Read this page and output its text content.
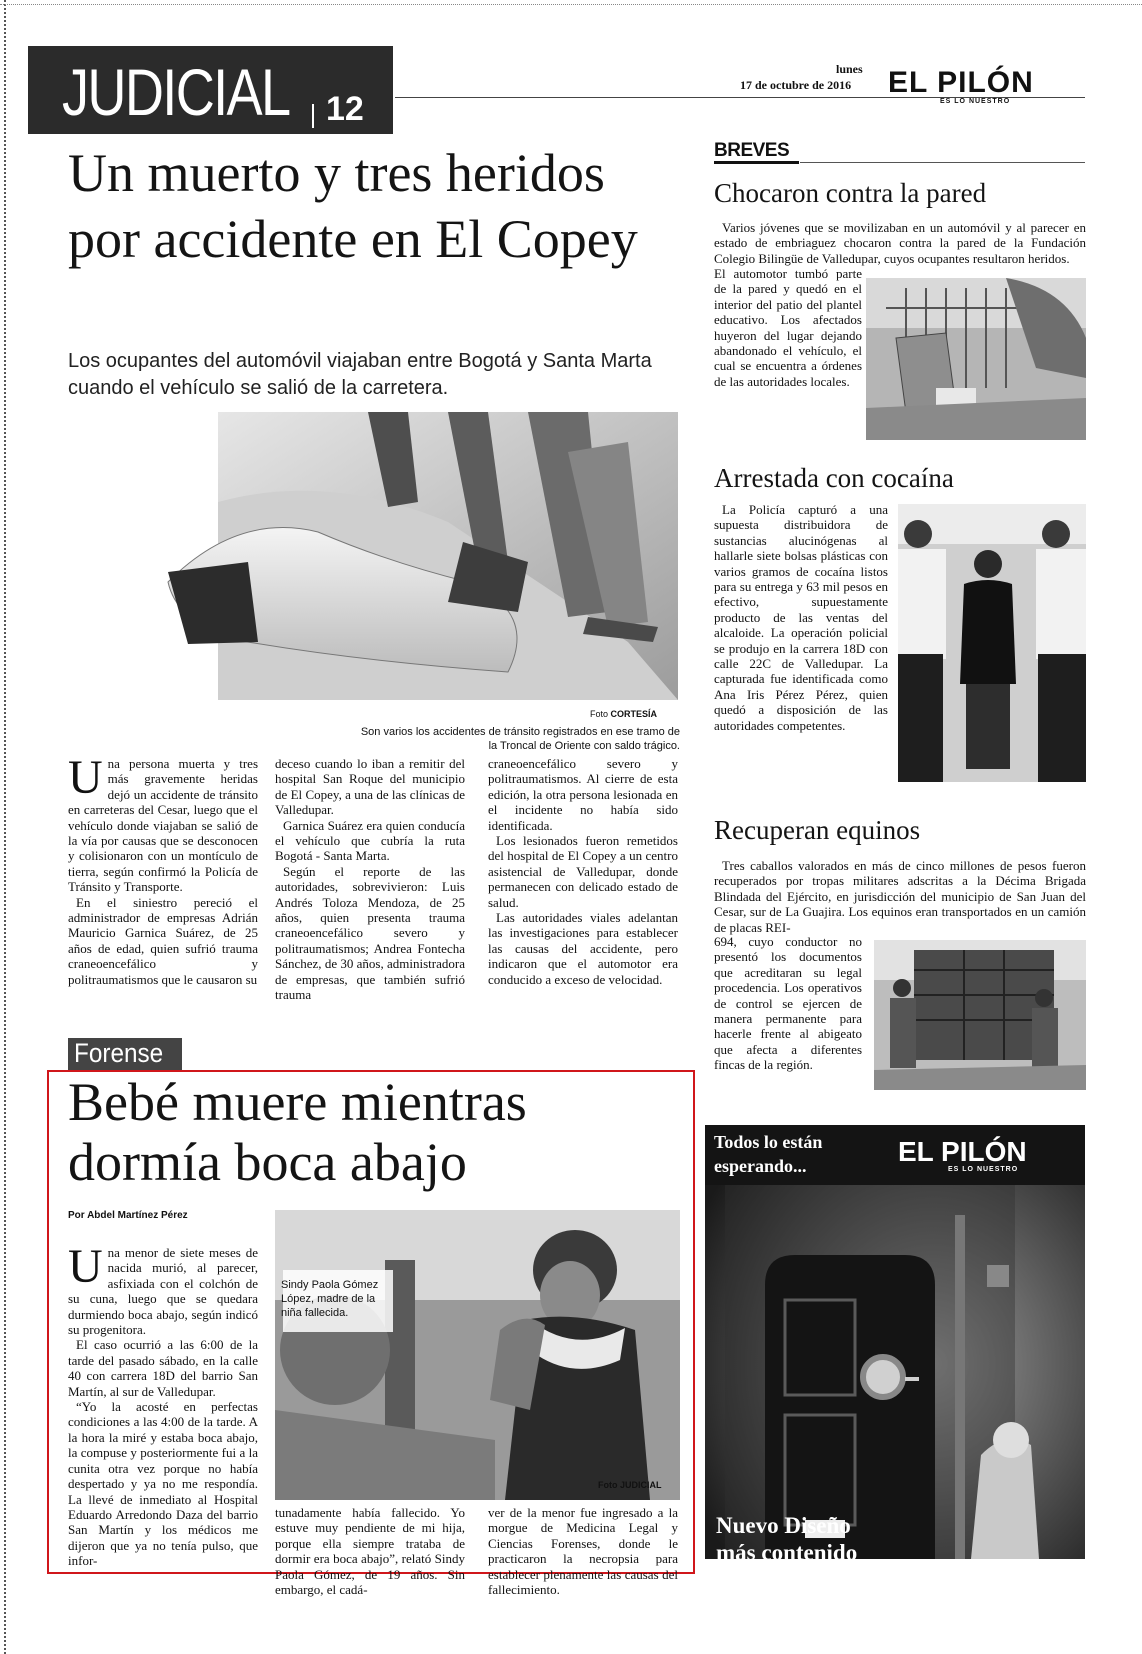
JUDICIAL 12
lunes
17 de octubre de 2016 EL PILÓN
ES LO NUESTRO
Un muerto y tres heridos por accidente en El Copey
Los ocupantes del automóvil viajaban entre Bogotá y Santa Marta cuando el vehículo se salió de la carretera.
Foto CORTESÍA
Son varios los accidentes de tránsito registrados en ese tramo de la Troncal de Oriente con saldo trágico.
U na persona muerta y tres más gravemente heridas dejó un accidente de tránsito en carreteras del Cesar, luego que el vehículo donde viajaban se salió de la vía por causas que se desconocen y colisionaron con un montículo de tierra, según confirmó la Policía de Tránsito y Transporte.

En el siniestro pereció el administrador de empresas Adrián Mauricio Garnica Suárez, de 25 años de edad, quien sufrió trauma craneoencefálico y politraumatismos que le causaron su

deceso cuando lo iban a remitir del hospital San Roque del municipio de El Copey, a una de las clínicas de Valledupar.

Garnica Suárez era quien conducía el vehículo que cubría la ruta Bogotá - Santa Marta.

Según el reporte de las autoridades, sobrevivieron: Luis Andrés Toloza Mendoza, de 25 años, quien presenta trauma craneoencefálico severo y politraumatismos; Andrea Fontecha Sánchez, de 30 años, administradora de empresas, que también sufrió trauma

craneoencefálico severo y politraumatismos. Al cierre de esta edición, la otra persona lesionada en el incidente no había sido identificada.

Los lesionados fueron remetidos del hospital de El Copey a un centro asistencial de Valledupar, donde permanecen con delicado estado de salud.

Las autoridades viales adelantan las investigaciones para establecer las causas del accidente, pero indicaron que el automotor era conducido a exceso de velocidad.

Forense
Bebé muere mientras dormía boca abajo
Por Abdel Martínez Pérez
Sindy Paola Gómez López, madre de la niña fallecida.
Foto JUDICIAL
U na menor de siete meses de nacida murió, al parecer, asfixiada con el colchón de su cuna, luego que se quedara durmiendo boca abajo, según indicó su progenitora.

El caso ocurrió a las 6:00 de la tarde del pasado sábado, en la calle 40 con carrera 18D del barrio San Martín, al sur de Valledupar.

“Yo la acosté en perfectas condiciones a las 4:00 de la tarde. A la hora la miré y estaba boca abajo, la compuse y posteriormente fui a la cunita otra vez porque no había despertado y ya no me respondía. La llevé de inmediato al Hospital Eduardo Arredondo Daza del barrio San Martín y los médicos me dijeron que ya no tenía pulso, que infor-

tunadamente había fallecido. Yo estuve muy pendiente de mi hija, porque ella siempre trataba de dormir era boca abajo”, relató Sindy Paola Gómez, de 19 años. Sin embargo, el cadá-

ver de la menor fue ingresado a la morgue de Medicina Legal y Ciencias Forenses, donde le practicaron la necropsia para establecer plenamente las causas del fallecimiento.

BREVES
Chocaron contra la pared

Varios jóvenes que se movilizaban en un automóvil y al parecer en estado de embriaguez chocaron contra la pared de la Fundación Colegio Bilingüe de Valledupar, cuyos ocupantes resultaron heridos.

El automotor tumbó parte de la pared y quedó en el interior del patio del plantel educativo. Los afectados huyeron del lugar dejando abandonado el vehículo, el cual se encuentra a órdenes de las autoridades locales.

Arrestada con cocaína

La Policía capturó a una supuesta distribuidora de sustancias alucinógenas al hallarle siete bolsas plásticas con varios gramos de cocaína listos para su entrega y 63 mil pesos en efectivo, supuestamente producto de las ventas del alcaloide. La operación policial se produjo en la carrera 18D con calle 22C de Valledupar. La capturada fue identificada como Ana Iris Pérez Pérez, quien quedó a disposición de las autoridades competentes.

Recuperan equinos

Tres caballos valorados en más de cinco millones de pesos fueron recuperados por tropas militares adscritas a la Décima Brigada Blindada del Ejército, en jurisdicción del municipio de San Juan del Cesar, sur de La Guajira. Los equinos eran transportados en un camión de placas REI-

694, cuyo conductor no presentó los documentos que acreditaran su legal procedencia. Los operativos de control se ejercen de manera permanente para hacerle frente al abigeato que afecta a diferentes fincas de la región.

Todos lo están
esperando...	EL PILÓN
ES LO NUESTRO
Nuevo Diseño
más contenido
